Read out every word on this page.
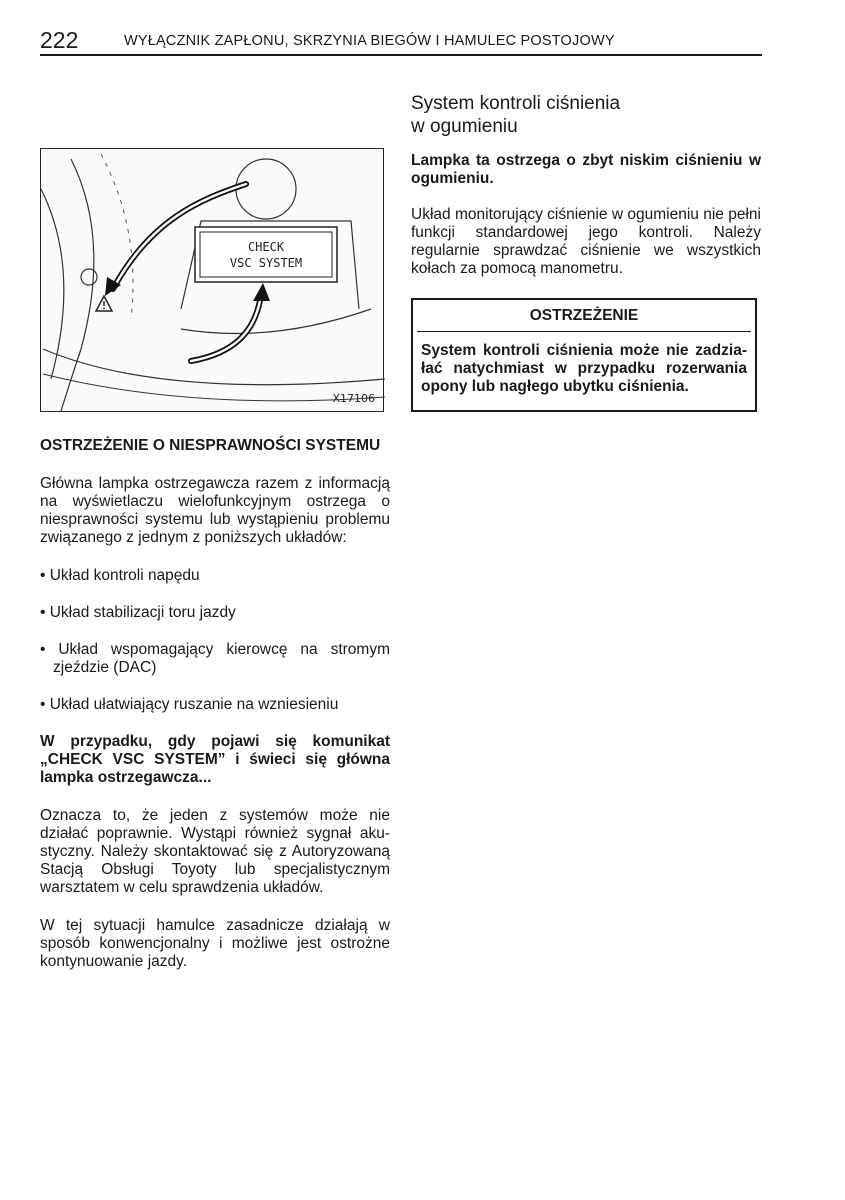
222	WYŁĄCZNIK ZAPŁONU, SKRZYNIA BIEGÓW I HAMULEC POSTOJOWY
CHECK
VSC SYSTEM
X17106

OSTRZEŻENIE O NIESPRAWNOŚCI SYSTEMU

Główna lampka ostrzegawcza razem z informacją na wyświetlaczu wielofunkcyjnym ostrzega o niesprawności systemu lub wystąpieniu problemu związanego z jednym z poniższych układów:

• Układ kontroli napędu
• Układ stabilizacji toru jazdy
• Układ wspomagający kierowcę na stromym zjeździe (DAC)
• Układ ułatwiający ruszanie na wzniesieniu

W przypadku, gdy pojawi się komunikat „CHECK VSC SYSTEM” i świeci się główna lampka ostrzegawcza...

Oznacza to, że jeden z systemów może nie działać poprawnie. Wystąpi również sygnał akustyczny. Należy skontaktować się z Autoryzowaną Stacją Obsługi Toyoty lub specjalistycznym warsztatem w celu sprawdzenia układów.

W tej sytuacji hamulce zasadnicze działają w sposób konwencjonalny i możliwe jest ostrożne kontynuowanie jazdy.

System kontroli ciśnienia
w ogumieniu

Lampka ta ostrzega o zbyt niskim ciśnieniu w ogumieniu.

Układ monitorujący ciśnienie w ogumieniu nie pełni funkcji standardowej jego kontroli. Należy regularnie sprawdzać ciśnienie we wszystkich kołach za pomocą manometru.

OSTRZEŻENIE
System kontroli ciśnienia może nie zadziałać natychmiast w przypadku rozerwania opony lub nagłego ubytku ciśnienia.
